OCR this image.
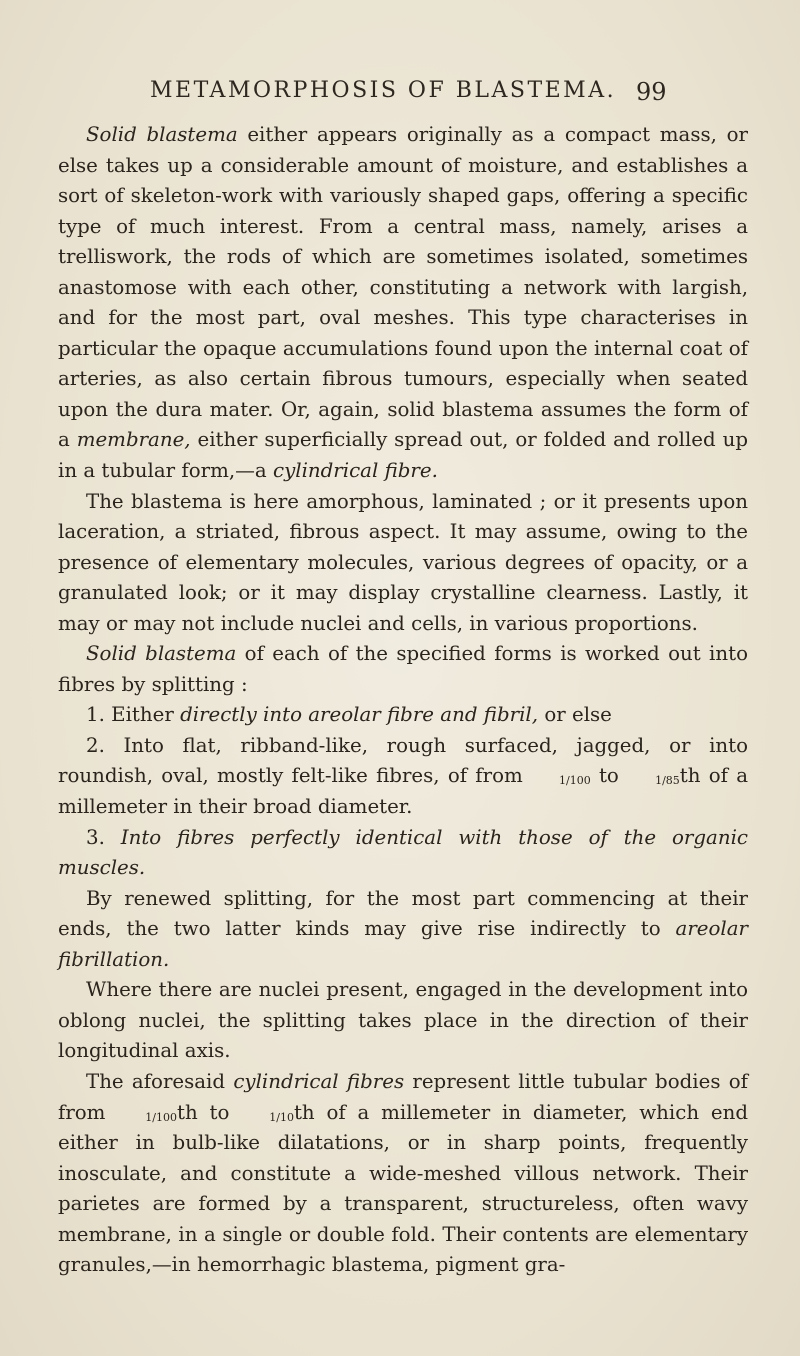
METAMORPHOSIS OF BLASTEMA. 99

Solid blastema either appears originally as a compact mass, or else takes up a considerable amount of moisture, and establishes a sort of skeleton-work with variously shaped gaps, offering a specific type of much interest. From a central mass, namely, arises a trelliswork, the rods of which are sometimes isolated, sometimes anastomose with each other, constituting a network with largish, and for the most part, oval meshes. This type characterises in particular the opaque accumulations found upon the internal coat of arteries, as also certain fibrous tumours, especially when seated upon the dura mater. Or, again, solid blastema assumes the form of a membrane, either superficially spread out, or folded and rolled up in a tubular form,—a cylindrical fibre.

The blastema is here amorphous, laminated ; or it presents upon laceration, a striated, fibrous aspect. It may assume, owing to the presence of elementary molecules, various degrees of opacity, or a granulated look; or it may display crystalline clearness. Lastly, it may or may not include nuclei and cells, in various proportions.

Solid blastema of each of the specified forms is worked out into fibres by splitting :

1. Either directly into areolar fibre and fibril, or else

2. Into flat, ribband-like, rough surfaced, jagged, or into roundish, oval, mostly felt-like fibres, of from	1/100 to	1/85th of a millemeter in their broad diameter.

3. Into fibres perfectly identical with those of the organic muscles.

By renewed splitting, for the most part commencing at their ends, the two latter kinds may give rise indirectly to areolar fibrillation.

Where there are nuclei present, engaged in the development into oblong nuclei, the splitting takes place in the direction of their longitudinal axis.

The aforesaid cylindrical fibres represent little tubular bodies of from	1/100th to	1/10th of a millemeter in diameter, which end either in bulb-like dilatations, or in sharp points, frequently inosculate, and constitute a wide-meshed villous network. Their parietes are formed by a transparent, structureless, often wavy membrane, in a single or double fold. Their contents are elementary granules,—in hemorrhagic blastema, pigment gra-
